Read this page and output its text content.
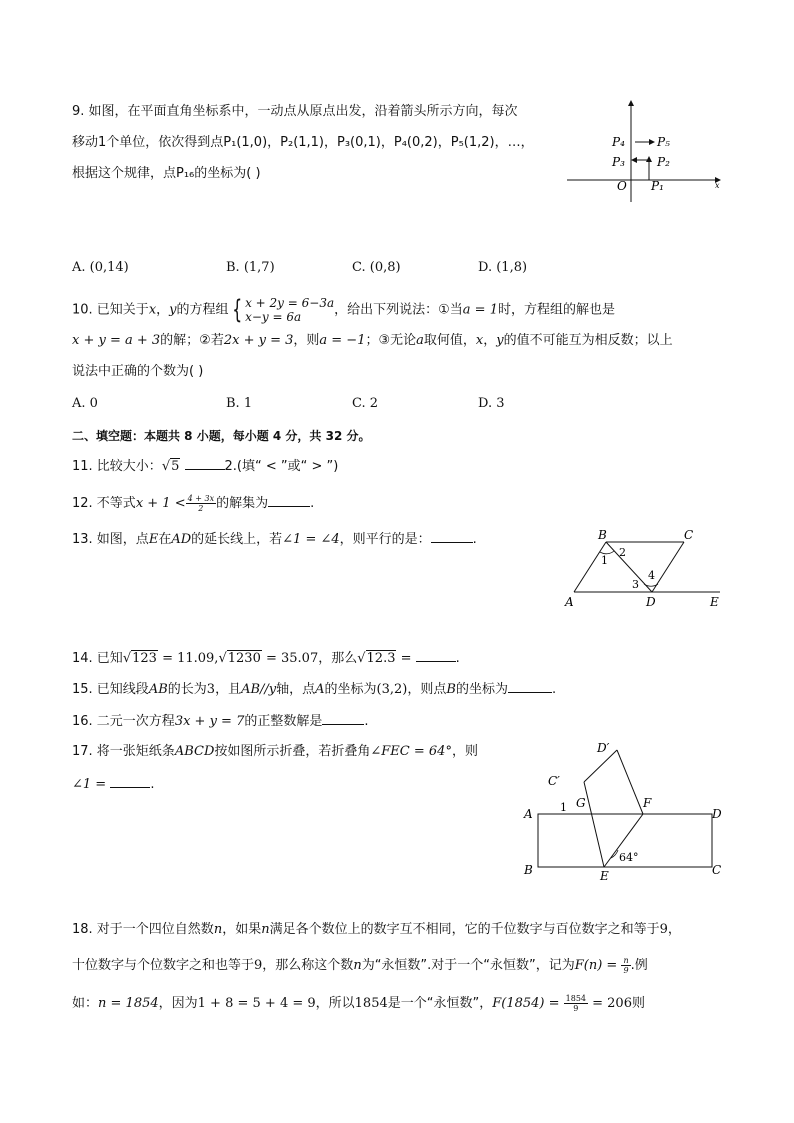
9. 如图，在平面直角坐标系中，一动点从原点出发，沿着箭头所示方向，每次
移动1个单位，依次得到点P₁(1,0)，P₂(1,1)，P₃(0,1)，P₄(0,2)，P₅(1,2)，…，
根据这个规律，点P₁₆的坐标为( )
P₄	P₅
P₃	P₂
O P₁	x
A. (0,14)	B. (1,7)	C. (0,8)	D. (1,8)
10. 已知关于x，y的方程组 { x + 2y = 6−3a
x−y = 6a	，给出下列说法：①当a = 1时，方程组的解也是
x + y = a + 3的解；②若2x + y = 3，则a = −1；③无论a取何值，x，y的值不可能互为相反数；以上
说法中正确的个数为( )
A. 0	B. 1	C. 2	D. 3
二、填空题：本题共 8 小题，每小题 4 分，共 32 分。
11. 比较大小：√5	2.(填“ < ”或“ > ”)
12. 不等式$x + 1 < \frac{4 + 3x}{2}$ 的解集为	.
13. 如图，点E在AD的延长线上，若∠1 = ∠4，则平行的是：	.	B	C
A	D	E
1
2
3
4
14. 已知√123 = 11.09,√1230 = 35.07，那么√12.3 =	.
15. 已知线段AB的长为3，且AB//y轴，点A的坐标为(3,2)，则点B的坐标为	.
16. 二元一次方程3x + y = 7的正整数解是	.
17. 将一张矩纸条ABCD按如图所示折叠，若折叠角∠FEC = 64°，则
∠1 =	.
D′
C′
G	F
A	D
B	E	C
1
64°
18. 对于一个四位自然数n，如果n满足各个数位上的数字互不相同，它的千位数字与百位数字之和等于9，
十位数字与个位数字之和也等于9，那么称这个数n为“永恒数”.对于一个“永恒数”，记为$F(n) = \frac{n}{9}$ .例
如：n = 1854，因为1 + 8 = 5 + 4 = 9，所以1854是一个“永恒数”，$F(1854) = \frac{1854}{9} = 206$则
